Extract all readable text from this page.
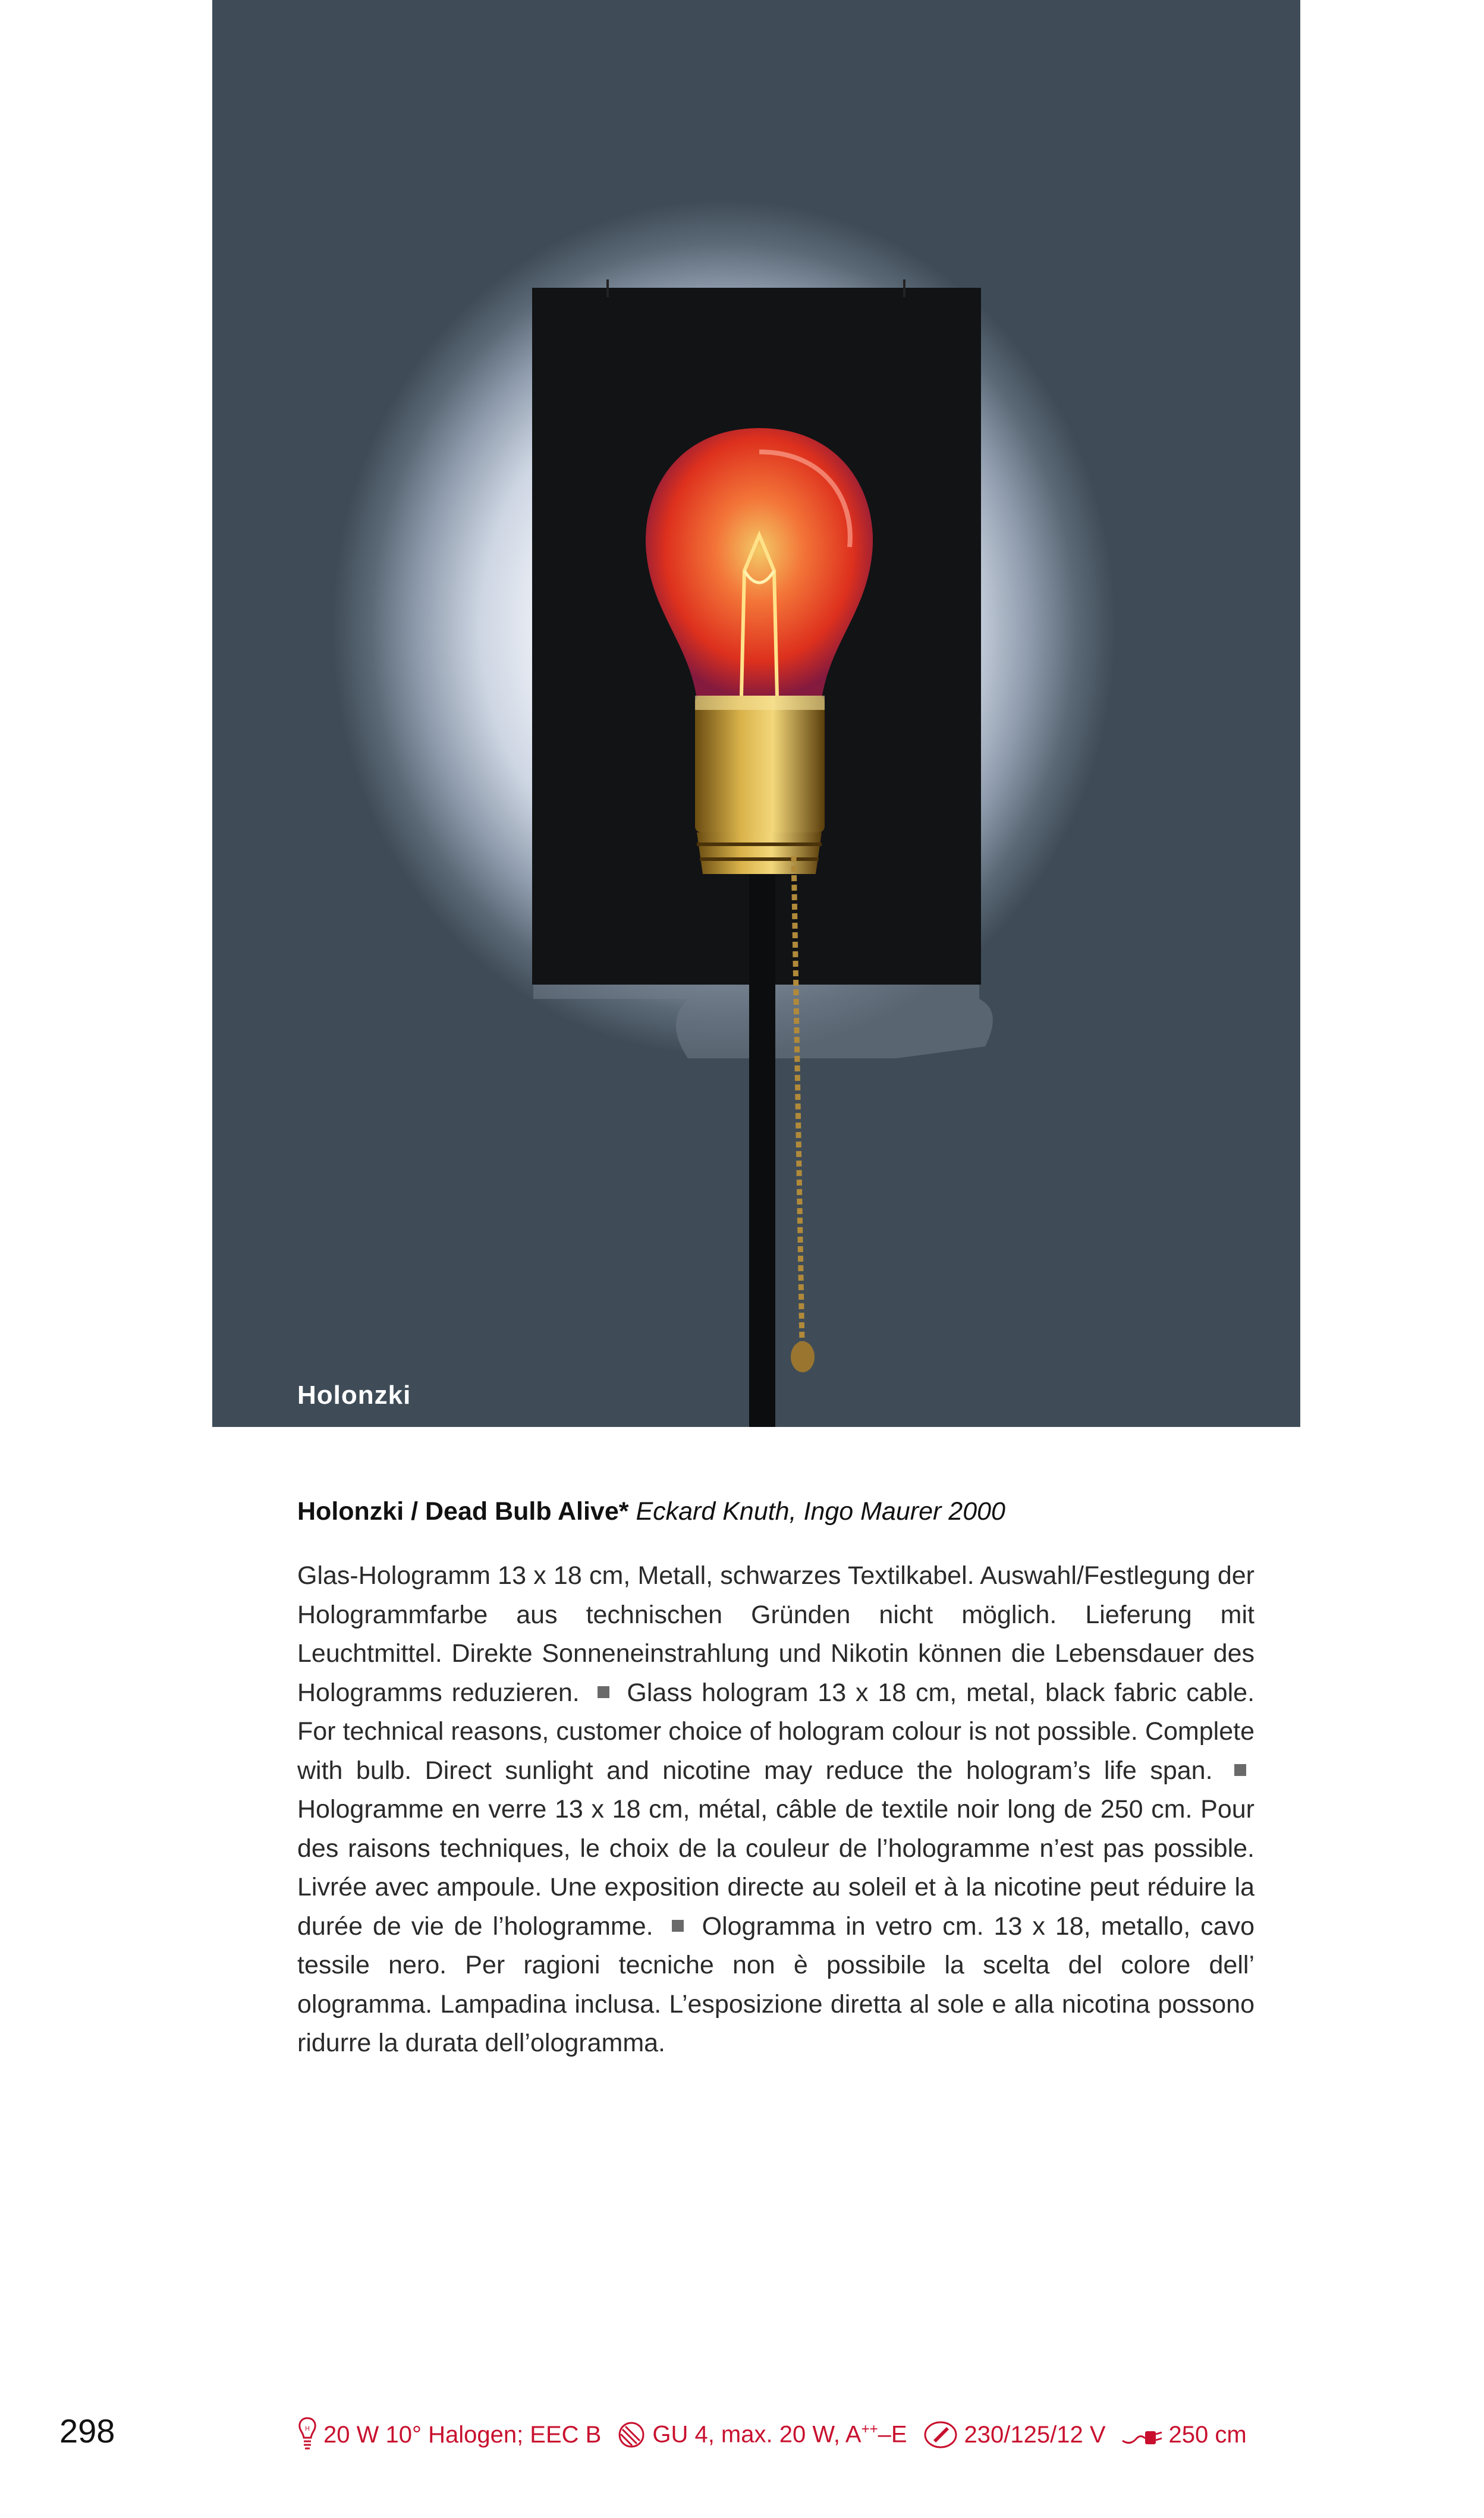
Holonzki
Holonzki / Dead Bulb Alive* Eckard Knuth, Ingo Maurer 2000
Glas-Hologramm 13 x 18 cm, Metall, schwarzes Textilkabel. Auswahl/Festlegung der Hologrammfarbe aus technischen Gründen nicht möglich. Lieferung mit Leuchtmittel. Direkte Sonneneinstrahlung und Nikotin können die Lebensdauer des Hologramms reduzieren. Glass hologram 13 x 18 cm, metal, black fabric cable. For technical reasons, customer choice of hologram colour is not possible. Complete with bulb. Direct sunlight and nicotine may reduce the hologram’s life span.  Hologramme en verre 13 x 18 cm, métal, câble de textile noir long de 250 cm. Pour des raisons techniques, le choix de la couleur de l’hologramme n’est pas possible. Livrée avec ampoule. Une exposition directe au soleil et à la nicotine peut réduire la durée de vie de l’hologramme. Ologramma in vetro cm. 13 x 18, metallo, cavo tessile nero. Per ragioni tecniche non è possibile la scelta del colore dell’ ologramma. Lampadina inclusa. L’esposizione diretta al sole e alla nicotina possono ridurre la durata dell’ologramma.
298	H 20 W 10° Halogen; EEC B GU 4, max. 20 W, A++–E 230/125/12 V	250 cm
